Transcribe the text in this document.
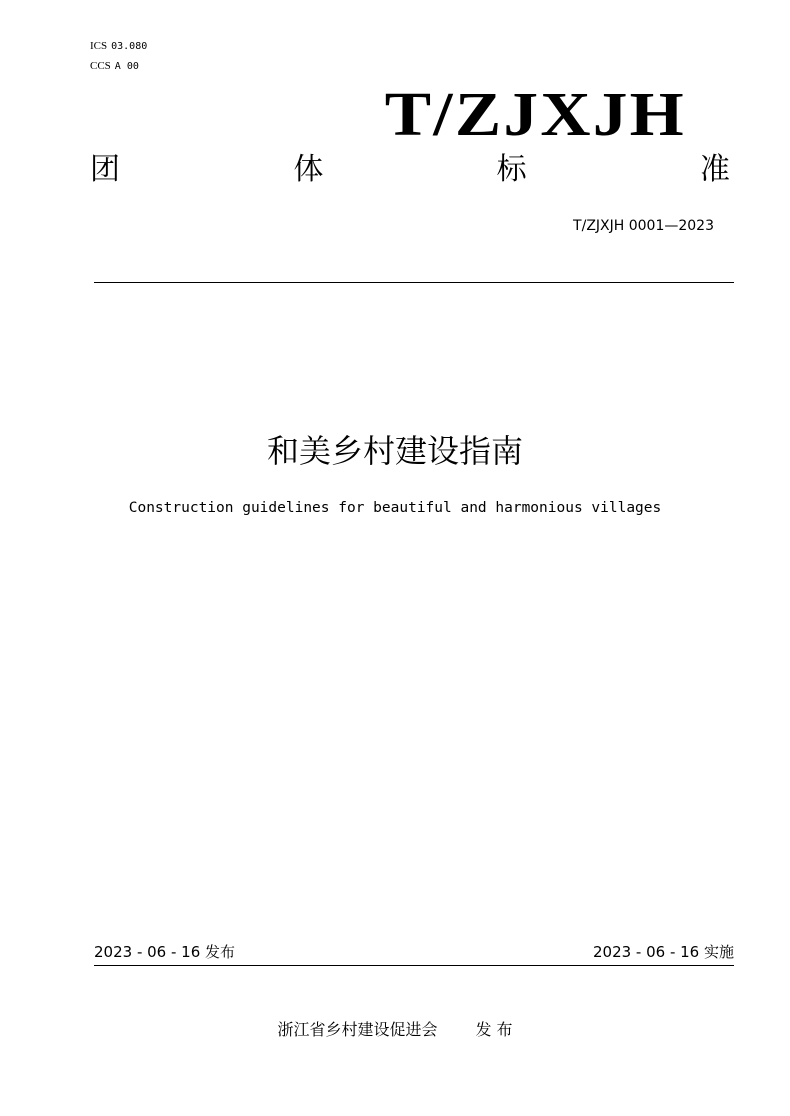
ICS 03.080
CCS A 00
T/ZJXJH
团	体	标	准
T/ZJXJH 0001—2023
和美乡村建设指南
Construction guidelines for beautiful and harmonious villages
2023 - 06 - 16 发布	2023 - 06 - 16 实施
浙江省乡村建设促进会 发 布
